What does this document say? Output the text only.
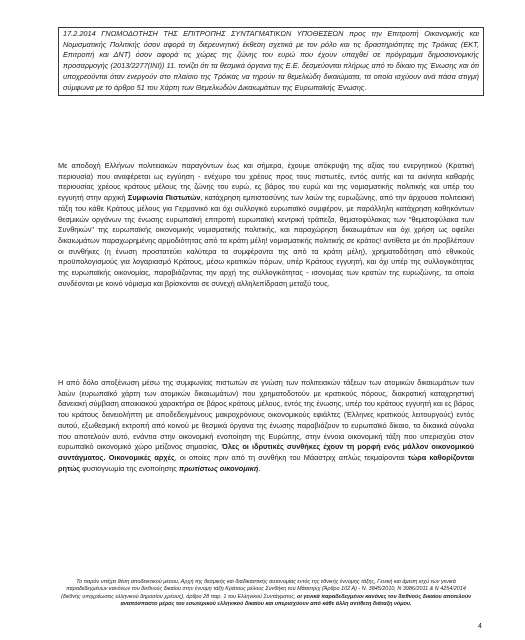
17.2.2014 ΓΝΩΜΟΔΟΤΗΣΗ ΤΗΣ ΕΠΙΤΡΟΠΗΣ ΣΥΝΤΑΓΜΑΤΙΚΩΝ ΥΠΟΘΕΣΕΩΝ προς την Επιτροπή Οικονομικής και Νομισματικής Πολιτικής όσον αφορά τη διερευνητική έκθεση σχετικά με τον ρόλο και τις δραστηριότητες της Τρόικας (ΕΚΤ, Επιτροπή και ΔΝΤ) όσον αφορά τις χώρες της ζώνης του ευρώ που έχουν υπαχθεί σε πρόγραμμα δημοσιονομικής προσαρμογής (2013/2277(INI)) 11. τονίζει ότι τα θεσμικά όργανα της Ε.Ε. δεσμεύονται πλήρως από το δίκαιο της Ένωσης και ότι υποχρεούνται όταν ενεργούν στο πλαίσιο της Τρόικας να τηρούν τα θεμελιώδη δικαιώματα, τα οποία ισχύουν ανά πάσα στιγμή σύμφωνα με το άρθρο 51 του Χάρτη των Θεμελιωδών Δικαιωμάτων της Ευρωπαϊκής Ένωσης.
Με αποδοχή Ελλήνων πολιτειακών παραγόντων έως και σήμερα, έχουμε απόκρυψη της αξίας του ενεργητικού (Κρατική περιουσία) που αναφέρεται ως εγγύηση - ενέχυρο του χρέους προς τους πιστωτές, εντός αυτής και τα ακίνητα καθαρής περιουσίας χρέους κράτους μέλους της ζώνης του ευρώ, ες βάρος του ευρώ και της νομισματικής πολιτικής και υπέρ του εγγυητή στην αρχική Συμφωνία Πιστωτών, κατάχρηση εμπιστοσύνης των λαών της ευρωζώνης, από την άρχουσα πολιτειακή τάξη του κάθε Κράτους μέλους για Γερμανικό και όχι συλλογικό ευρωπαϊκό συμφέρον, με παράλληλη κατάχρηση καθηκόντων θεσμικών οργάνων της ένωσης ευρωπαϊκή επιτροπή ευρωπαϊκή κεντρική τράπεζα, θεματοφύλακας των "θεματοφύλακα των Συνθηκών" της ευρωπαϊκής οικονομικής νομισματικής πολιτικής, και παραχώρηση δικαιωμάτων και όχι χρήση ως οφείλει δικαιωμάτων παραχωρημένης αρμοδιότητας από τα κράτη μέλη! νομισματικής πολιτικής σε κράτος! αντίθετα με ότι προβλέπουν οι συνθήκες (η ένωση προστατεύει καλύτερα τα συμφέροντα της από τα κράτη μέλη), χρηματοδότηση από εθνικούς προϋπολογισμούς για λογαριασμό Κράτους, μέσω κρατικών πόρων, υπέρ Κράτους εγγυητή, και όχι υπέρ της συλλογικότητας της ευρωπαϊκής οικονομίας, παραβιάζοντας την αρχή της συλλογικότητας - ισονομίας των κρατών της ευρωζώνης, τα οποία συνδέονται με κοινό νόμισμα και βρίσκονται σε συνεχή αλληλεπίδραση μεταξύ τους.
Η από δόλο αποξένωση μέσω της συμφωνίας πιστωτών σε γνώση των πολιτειακών τάξεων των ατομικών δικαιωμάτων των λαών (ευρωπαϊκό χάρτη των ατομικών δικαιωμάτων) που χρηματοδοτούν με κρατικούς πόρους, διακρατική καταχρηστική δανειακή σύμβαση αποικιακού χαρακτήρα σε βάρος κράτους μέλους, εντός της ένωσης, υπέρ του κράτους εγγυητή και ες βάρος του κράτους δανειολήπτη με αποδεδειγμένους μακροχρόνιους οικονομικούς εφιάλτες (Έλληνες κρατικούς λειτουργούς) εντός αυτού, εξωθεσμική εκτροπή από κοινού με θεσμικά όργανα της ένωσης παραβιάζουν το ευρωπαϊκό δίκαιο, τα δικαιικά σύνολα που αποτελούν αυτό, ενάντια στην οικονομική ενοποίηση της Ευρώπης, στην έννοια οικονομική τάξη που υπερισχύει στον ευρωπαϊκό οικονομικό χώρο μείζονος σημασίας, Όλες οι ιδρυτικές συνθήκες έχουν τη μορφή ενός μάλλον οικονομικού συντάγματος. Οικονομικές αρχές, οι οποίες πριν από τη συνθήκη του Μάαστριχ απλώς τεκμαίρονται τώρα καθορίζονται ρητώς φυσιογνωμία της ενοποίησης πρωτίστως οικονομική.
Το παρόν υπέχει θέση αποδεικτικού μέσου, Αρχή της θεσμικής και διαδικαστικής αυτονομίας εντός της εθνικής έννομης τάξης, Γενική και άμεση ισχύ των γενικά παραδεδεγμένων κανόνων του διεθνούς δικαίου στην έννομη τάξη Κράτους μέλους Συνθήκη του Μάαστριχ (Άρθρο 102 Α) - Ν. 3845/2010, Ν 3986/2011 & Ν 4254/2014 (διεθνής υποχρέωσεις ελληνικού δημοσίου χρέους), άρθρο 28 παρ. 1 του Ελληνικού Συντάγματος, οι γενικά παραδεδεγμένοι κανόνες του διεθνούς δικαίου αποτελούν αναπόσπαστο μέρος του εσωτερικού ελληνικού δικαίου και υπερισχύουν από κάθε άλλη αντίθετη διάταξη νόμου.
4
